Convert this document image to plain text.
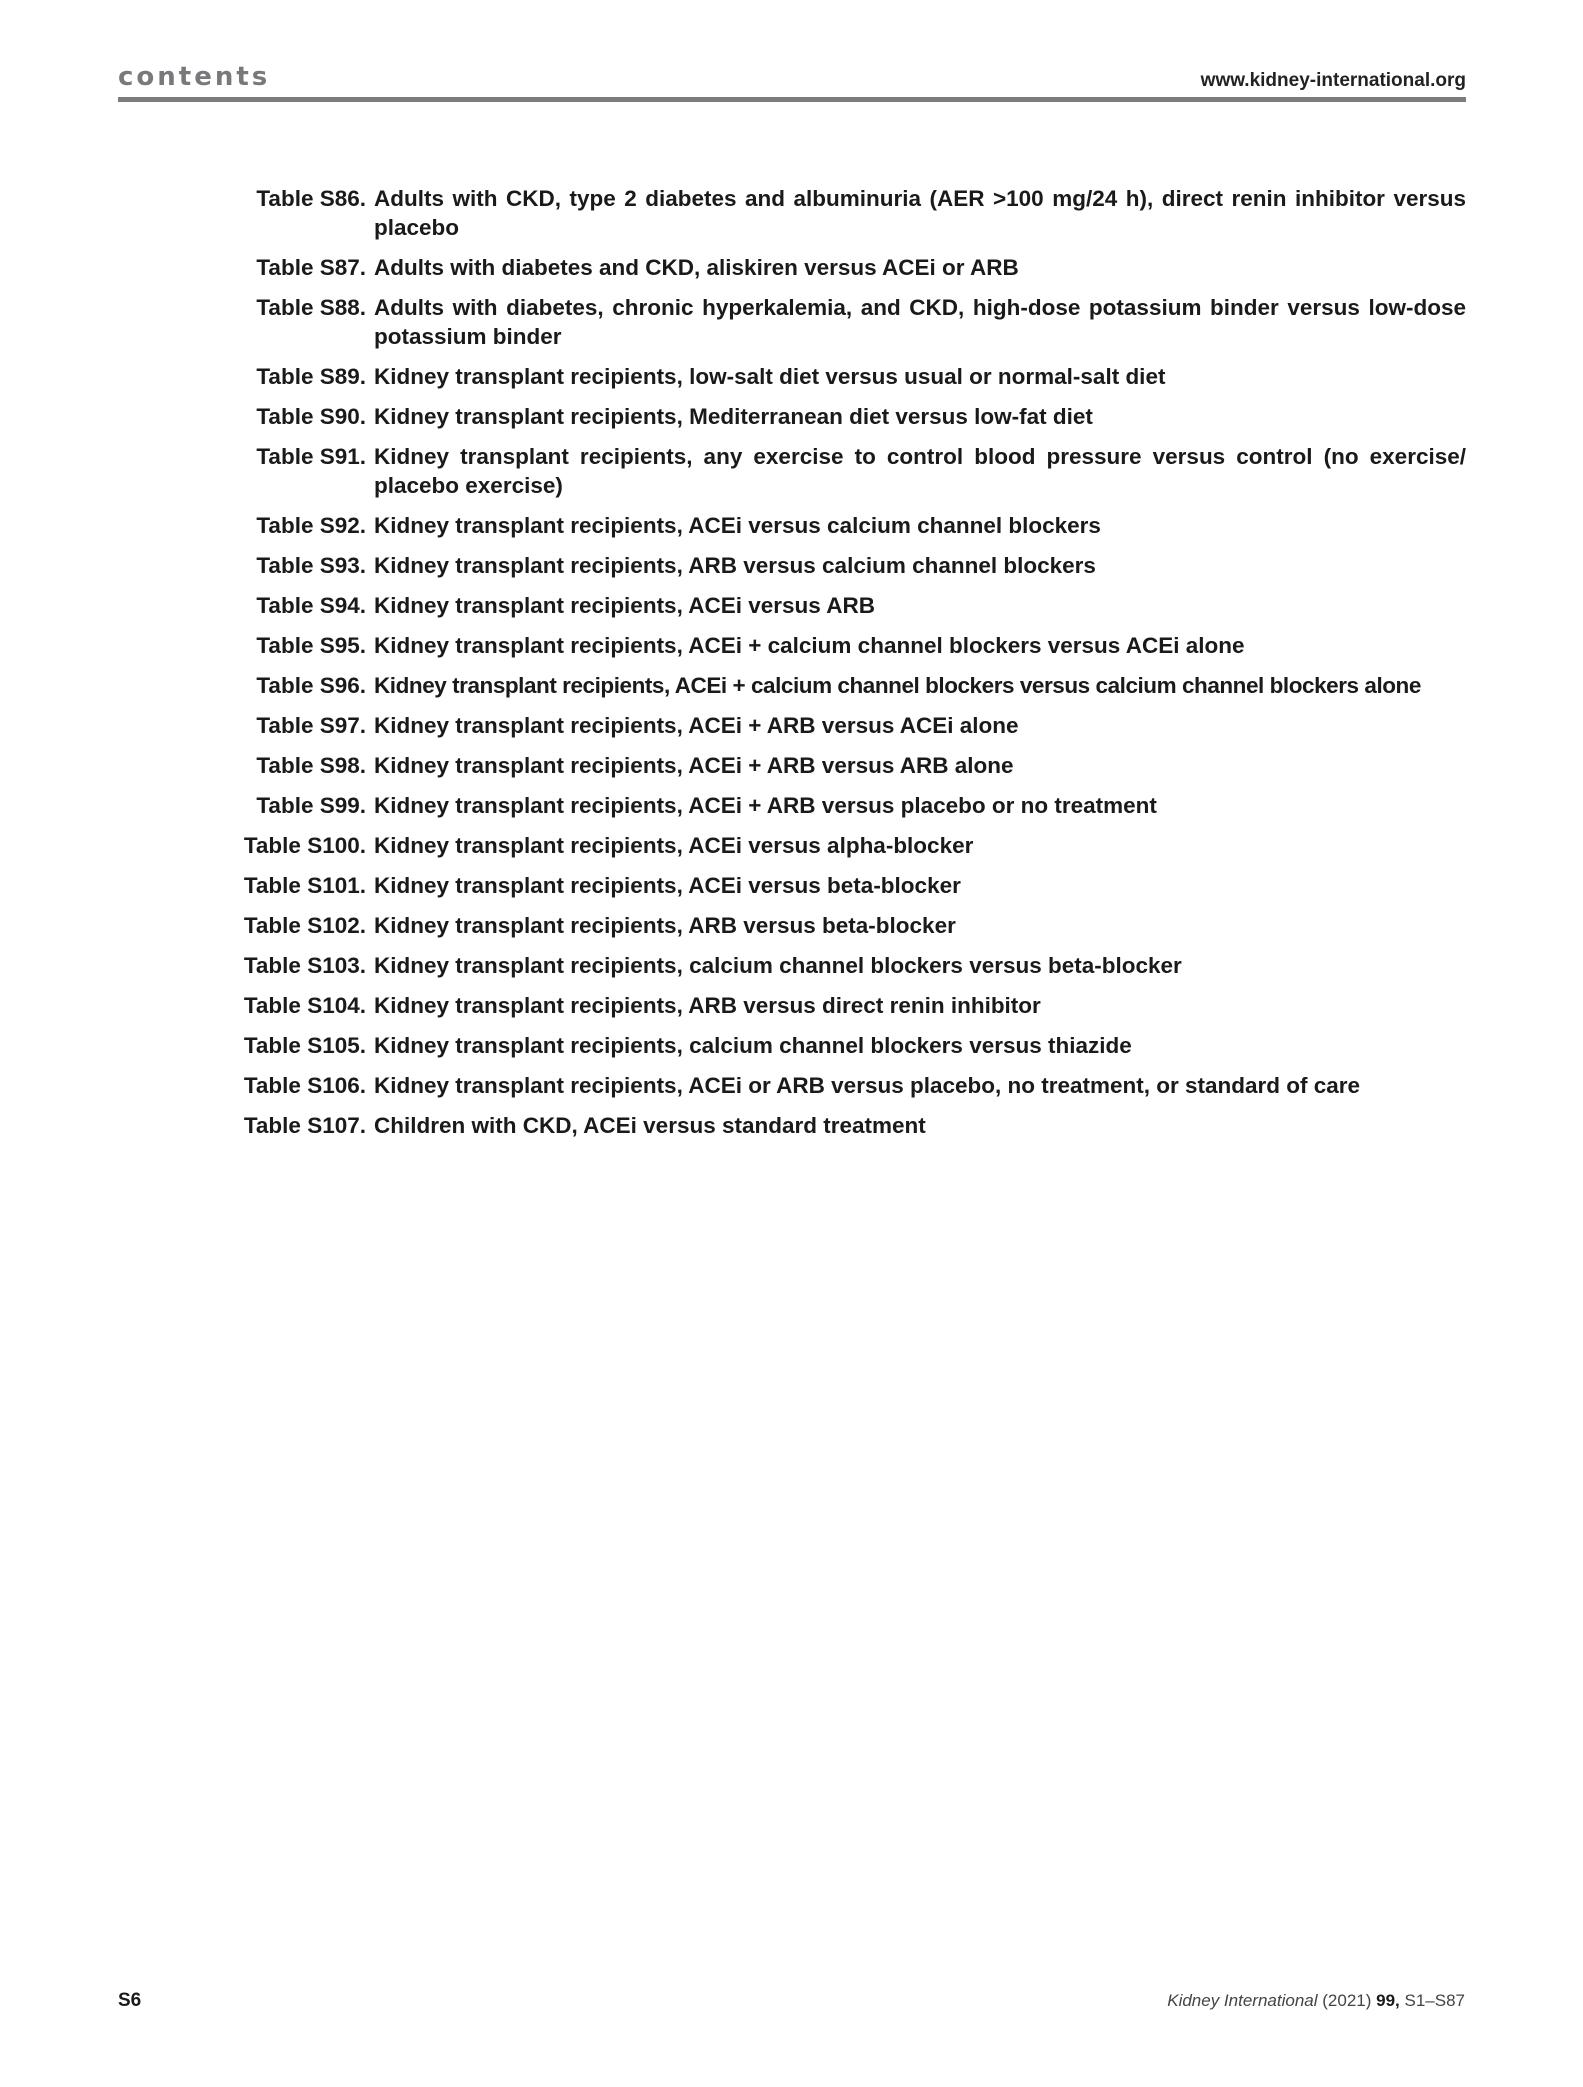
contents	www.kidney-international.org
Table S86. Adults with CKD, type 2 diabetes and albuminuria (AER >100 mg/24 h), direct renin inhibitor versus placebo
Table S87. Adults with diabetes and CKD, aliskiren versus ACEi or ARB
Table S88. Adults with diabetes, chronic hyperkalemia, and CKD, high-dose potassium binder versus low-dose potassium binder
Table S89. Kidney transplant recipients, low-salt diet versus usual or normal-salt diet
Table S90. Kidney transplant recipients, Mediterranean diet versus low-fat diet
Table S91. Kidney transplant recipients, any exercise to control blood pressure versus control (no exercise/ placebo exercise)
Table S92. Kidney transplant recipients, ACEi versus calcium channel blockers
Table S93. Kidney transplant recipients, ARB versus calcium channel blockers
Table S94. Kidney transplant recipients, ACEi versus ARB
Table S95. Kidney transplant recipients, ACEi + calcium channel blockers versus ACEi alone
Table S96. Kidney transplant recipients, ACEi + calcium channel blockers versus calcium channel blockers alone
Table S97. Kidney transplant recipients, ACEi + ARB versus ACEi alone
Table S98. Kidney transplant recipients, ACEi + ARB versus ARB alone
Table S99. Kidney transplant recipients, ACEi + ARB versus placebo or no treatment
Table S100. Kidney transplant recipients, ACEi versus alpha-blocker
Table S101. Kidney transplant recipients, ACEi versus beta-blocker
Table S102. Kidney transplant recipients, ARB versus beta-blocker
Table S103. Kidney transplant recipients, calcium channel blockers versus beta-blocker
Table S104. Kidney transplant recipients, ARB versus direct renin inhibitor
Table S105. Kidney transplant recipients, calcium channel blockers versus thiazide
Table S106. Kidney transplant recipients, ACEi or ARB versus placebo, no treatment, or standard of care
Table S107. Children with CKD, ACEi versus standard treatment
S6	Kidney International (2021) 99, S1–S87
